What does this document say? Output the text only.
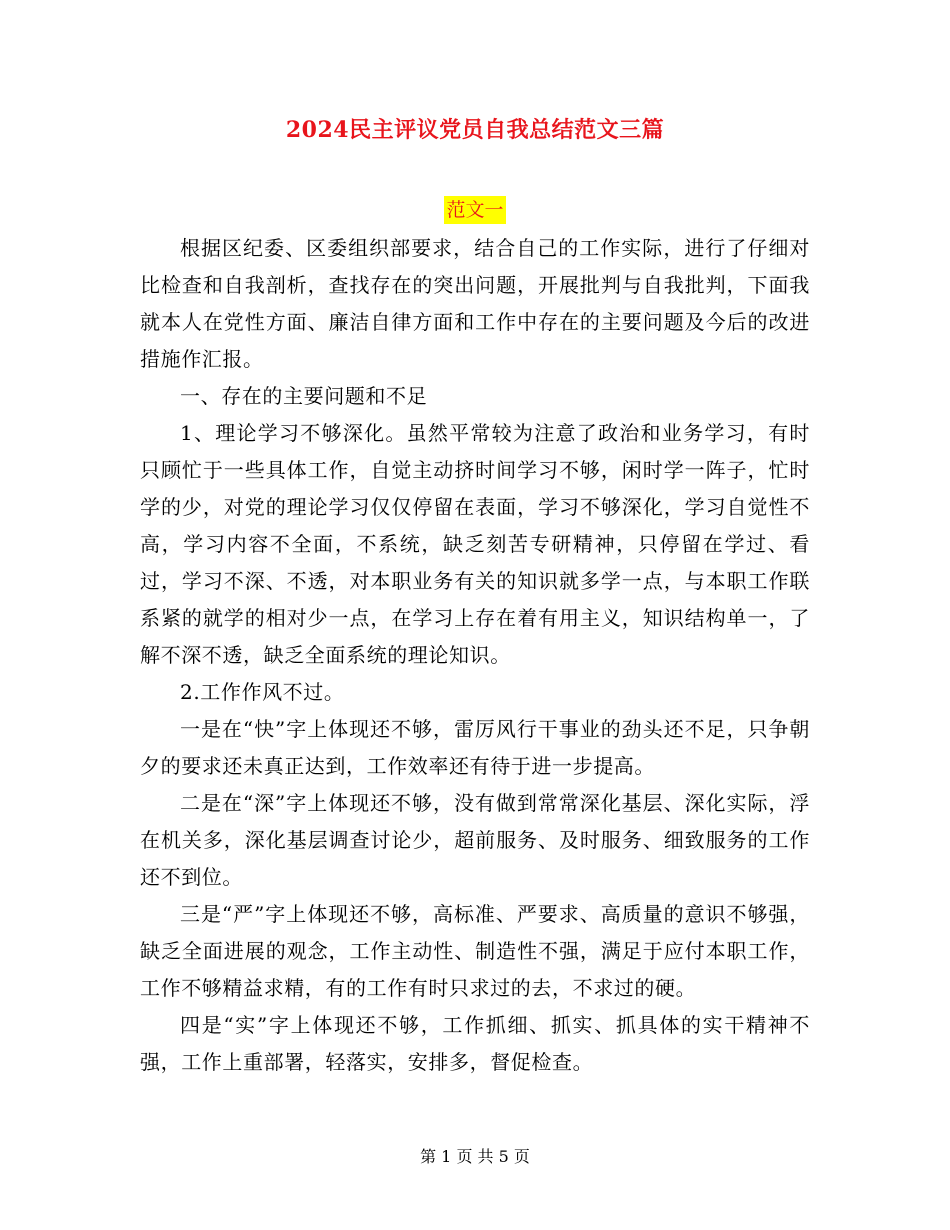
2024民主评议党员自我总结范文三篇
范文一

根据区纪委、区委组织部要求，结合自己的工作实际，进行了仔细对比检查和自我剖析，查找存在的突出问题，开展批判与自我批判，下面我就本人在党性方面、廉洁自律方面和工作中存在的主要问题及今后的改进措施作汇报。

一、存在的主要问题和不足

1、理论学习不够深化。虽然平常较为注意了政治和业务学习，有时只顾忙于一些具体工作，自觉主动挤时间学习不够，闲时学一阵子，忙时学的少，对党的理论学习仅仅停留在表面，学习不够深化，学习自觉性不高，学习内容不全面，不系统，缺乏刻苦专研精神，只停留在学过、看过，学习不深、不透，对本职业务有关的知识就多学一点，与本职工作联系紧的就学的相对少一点，在学习上存在着有用主义，知识结构单一，了解不深不透，缺乏全面系统的理论知识。

2.工作作风不过。

一是在“快”字上体现还不够，雷厉风行干事业的劲头还不足，只争朝夕的要求还未真正达到，工作效率还有待于进一步提高。

二是在“深”字上体现还不够，没有做到常常深化基层、深化实际，浮在机关多，深化基层调查讨论少，超前服务、及时服务、细致服务的工作还不到位。

三是“严”字上体现还不够，高标准、严要求、高质量的意识不够强，缺乏全面进展的观念，工作主动性、制造性不强，满足于应付本职工作，工作不够精益求精，有的工作有时只求过的去，不求过的硬。

四是“实”字上体现还不够，工作抓细、抓实、抓具体的实干精神不强，工作上重部署，轻落实，安排多，督促检查。

第 1 页 共 5 页
